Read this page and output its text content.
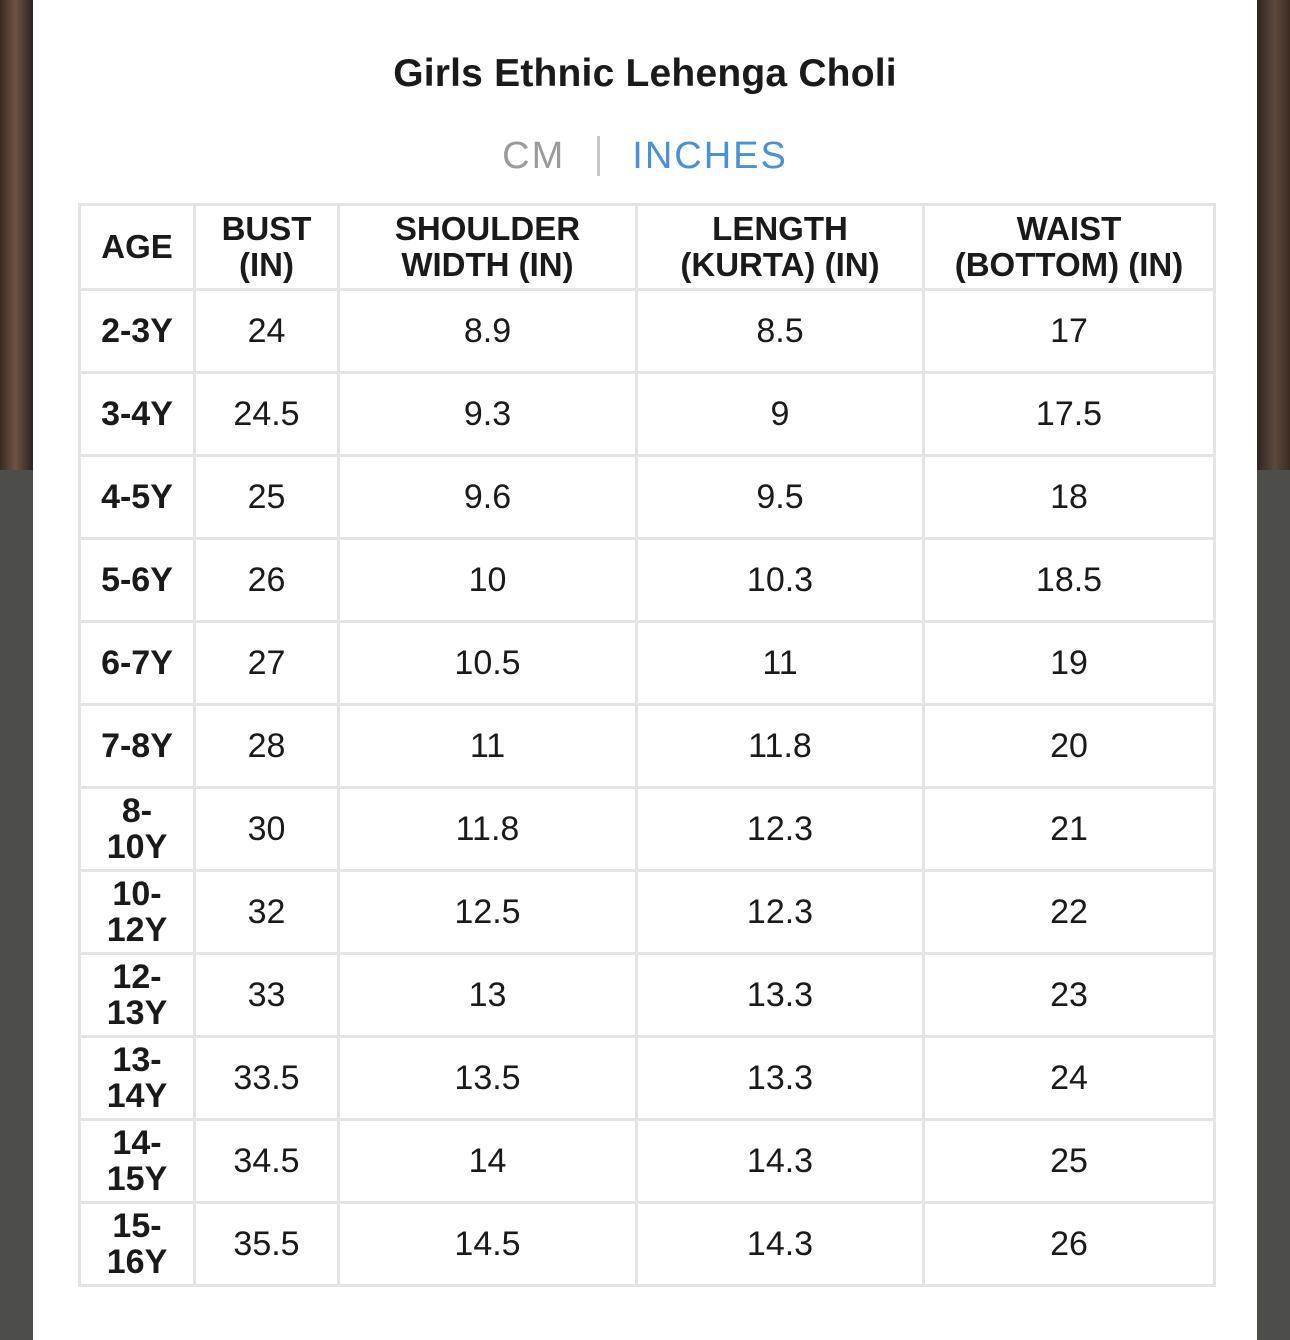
Girls Ethnic Lehenga Choli
CM INCHES
AGE	BUST (IN)	SHOULDER WIDTH (IN)	LENGTH (KURTA) (IN)	WAIST (BOTTOM) (IN)

2-3Y	24	8.9	8.5	17

3-4Y	24.5	9.3	9	17.5

4-5Y	25	9.6	9.5	18

5-6Y	26	10	10.3	18.5

6-7Y	27	10.5	11	19

7-8Y	28	11	11.8	20

8-10Y	30	11.8	12.3	21

10-12Y	32	12.5	12.3	22

12-13Y	33	13	13.3	23

13-14Y	33.5	13.5	13.3	24

14-15Y	34.5	14	14.3	25

15-16Y	35.5	14.5	14.3	26
